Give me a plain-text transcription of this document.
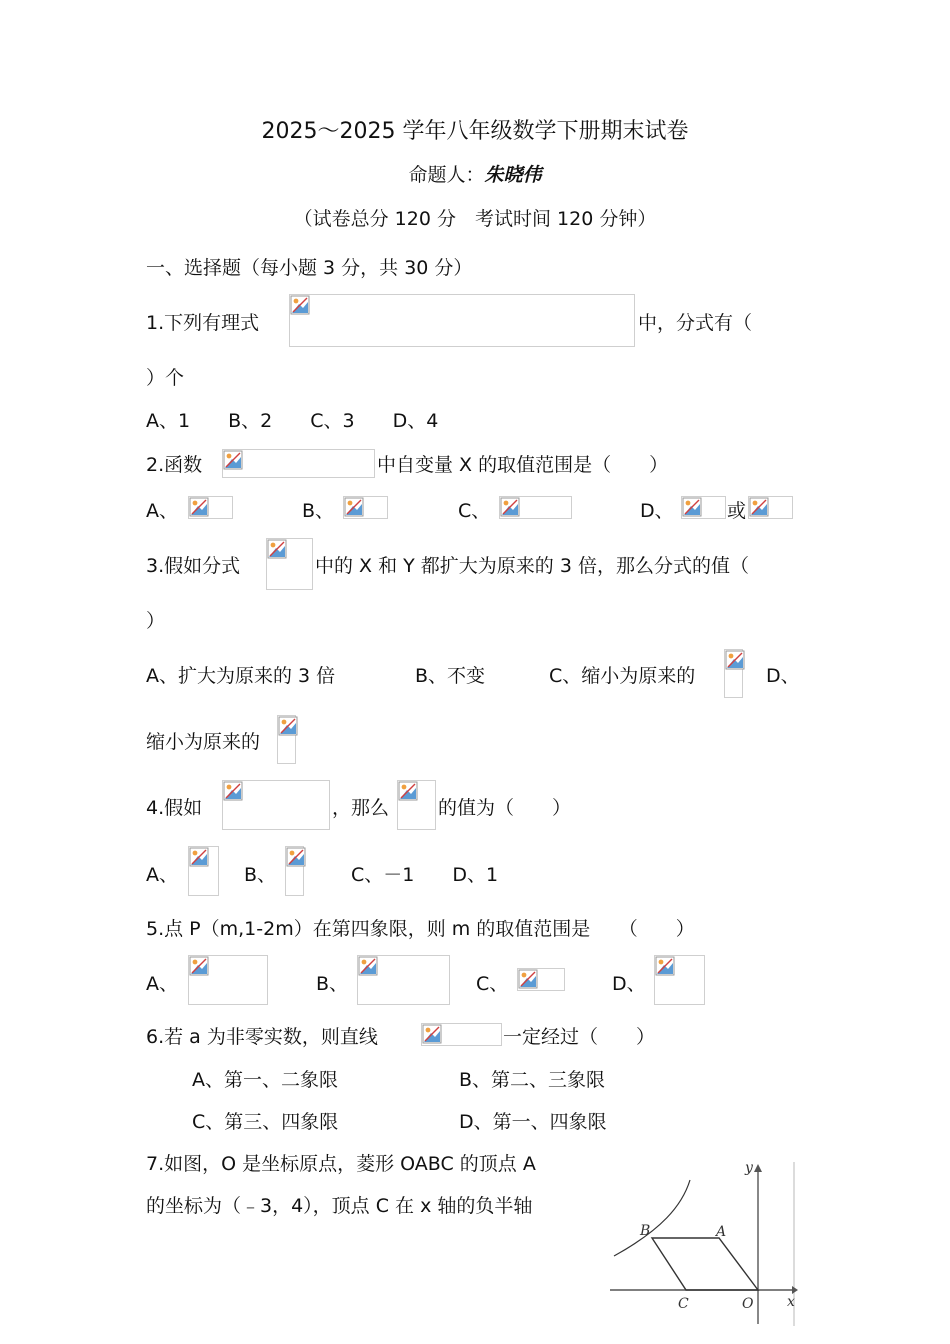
2025～2025 学年八年级数学下册期末试卷
命题人：朱晓伟
（试卷总分 120 分　考试时间 120 分钟）
一、选择题（每小题 3 分，共 30 分）
1.下列有理式	中，分式有（
）个
A、1　　B、2　　C、3　　D、4
2.函数	中自变量 X 的取值范围是（　　）
A、	B、	C、	D、	或
3.假如分式	中的 X 和 Y 都扩大为原来的 3 倍，那么分式的值（
）
A、扩大为原来的 3 倍	B、不变	C、缩小为原来的	D、
缩小为原来的
4.假如	，那么	的值为（　　）
A、	B、	C、－1　　D、1
5.点 P（m,1-2m）在第四象限，则 m 的取值范围是　　（　　）
A、	B、	C、	D、
6.若 a 为非零实数，则直线	一定经过（　　）
A、第一、二象限	B、第二、三象限
C、第三、四象限	D、第一、四象限
7.如图，O 是坐标原点，菱形 OABC 的顶点 A
的坐标为（﹣3，4），顶点 C 在 x 轴的负半轴
y
x
A
B
C	O
